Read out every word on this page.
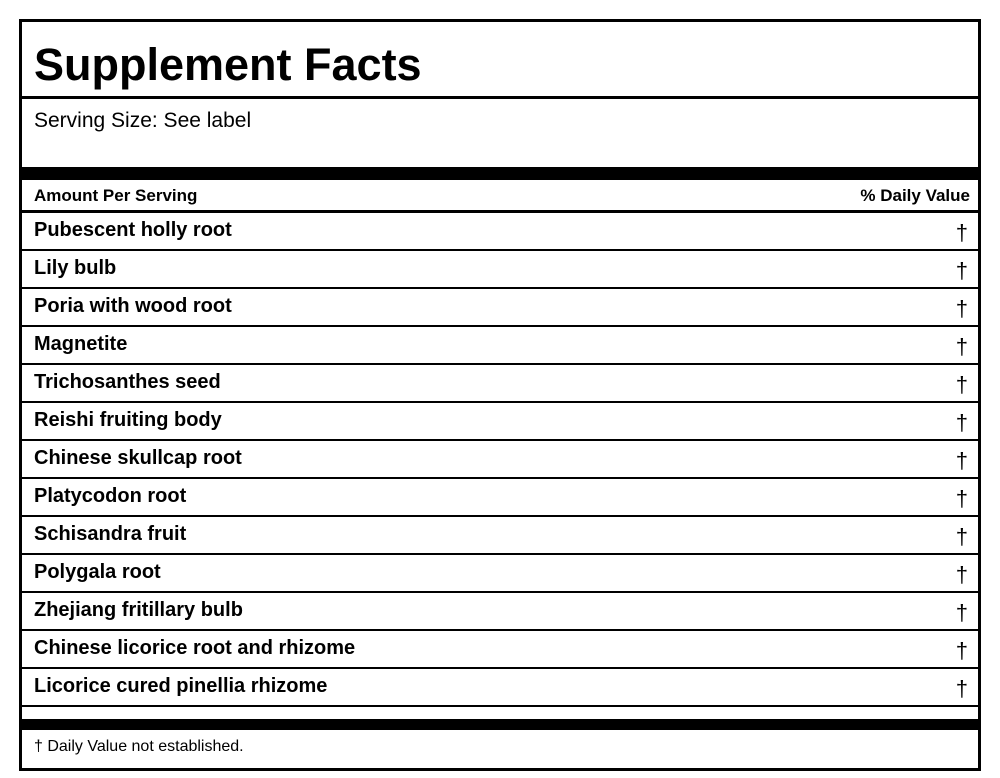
Supplement Facts
Serving Size: See label
Amount Per Serving	% Daily Value
Pubescent holly root	†
Lily bulb	†
Poria with wood root	†
Magnetite	†
Trichosanthes seed	†
Reishi fruiting body	†
Chinese skullcap root	†
Platycodon root	†
Schisandra fruit	†
Polygala root	†
Zhejiang fritillary bulb	†
Chinese licorice root and rhizome	†
Licorice cured pinellia rhizome	†
† Daily Value not established.
